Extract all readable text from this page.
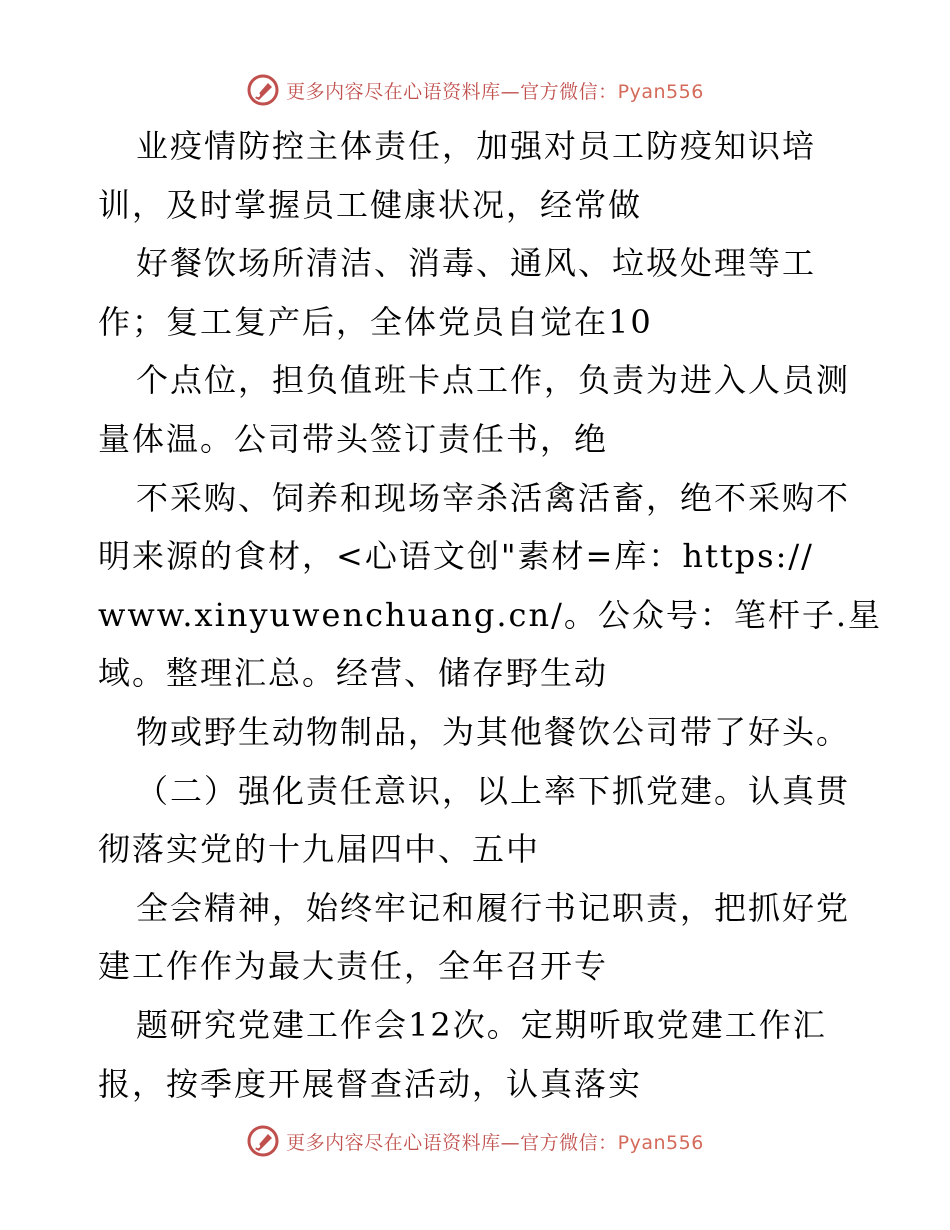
更多内容尽在心语资料库—官方微信：Pyan556
业疫情防控主体责任，加强对员工防疫知识培
训，及时掌握员工健康状况，经常做
好餐饮场所清洁、消毒、通风、垃圾处理等工
作；复工复产后，全体党员自觉在10
个点位，担负值班卡点工作，负责为进入人员测
量体温。公司带头签订责任书，绝
不采购、饲养和现场宰杀活禽活畜，绝不采购不
明来源的食材，<心语文创"素材=库：https://
www.xinyuwenchuang.cn/。公众号：笔杆子.星
域。整理汇总。经营、储存野生动
物或野生动物制品，为其他餐饮公司带了好头。
（二）强化责任意识，以上率下抓党建。认真贯
彻落实党的十九届四中、五中
全会精神，始终牢记和履行书记职责，把抓好党
建工作作为最大责任，全年召开专
题研究党建工作会12次。定期听取党建工作汇
报，按季度开展督查活动，认真落实
更多内容尽在心语资料库—官方微信：Pyan556
